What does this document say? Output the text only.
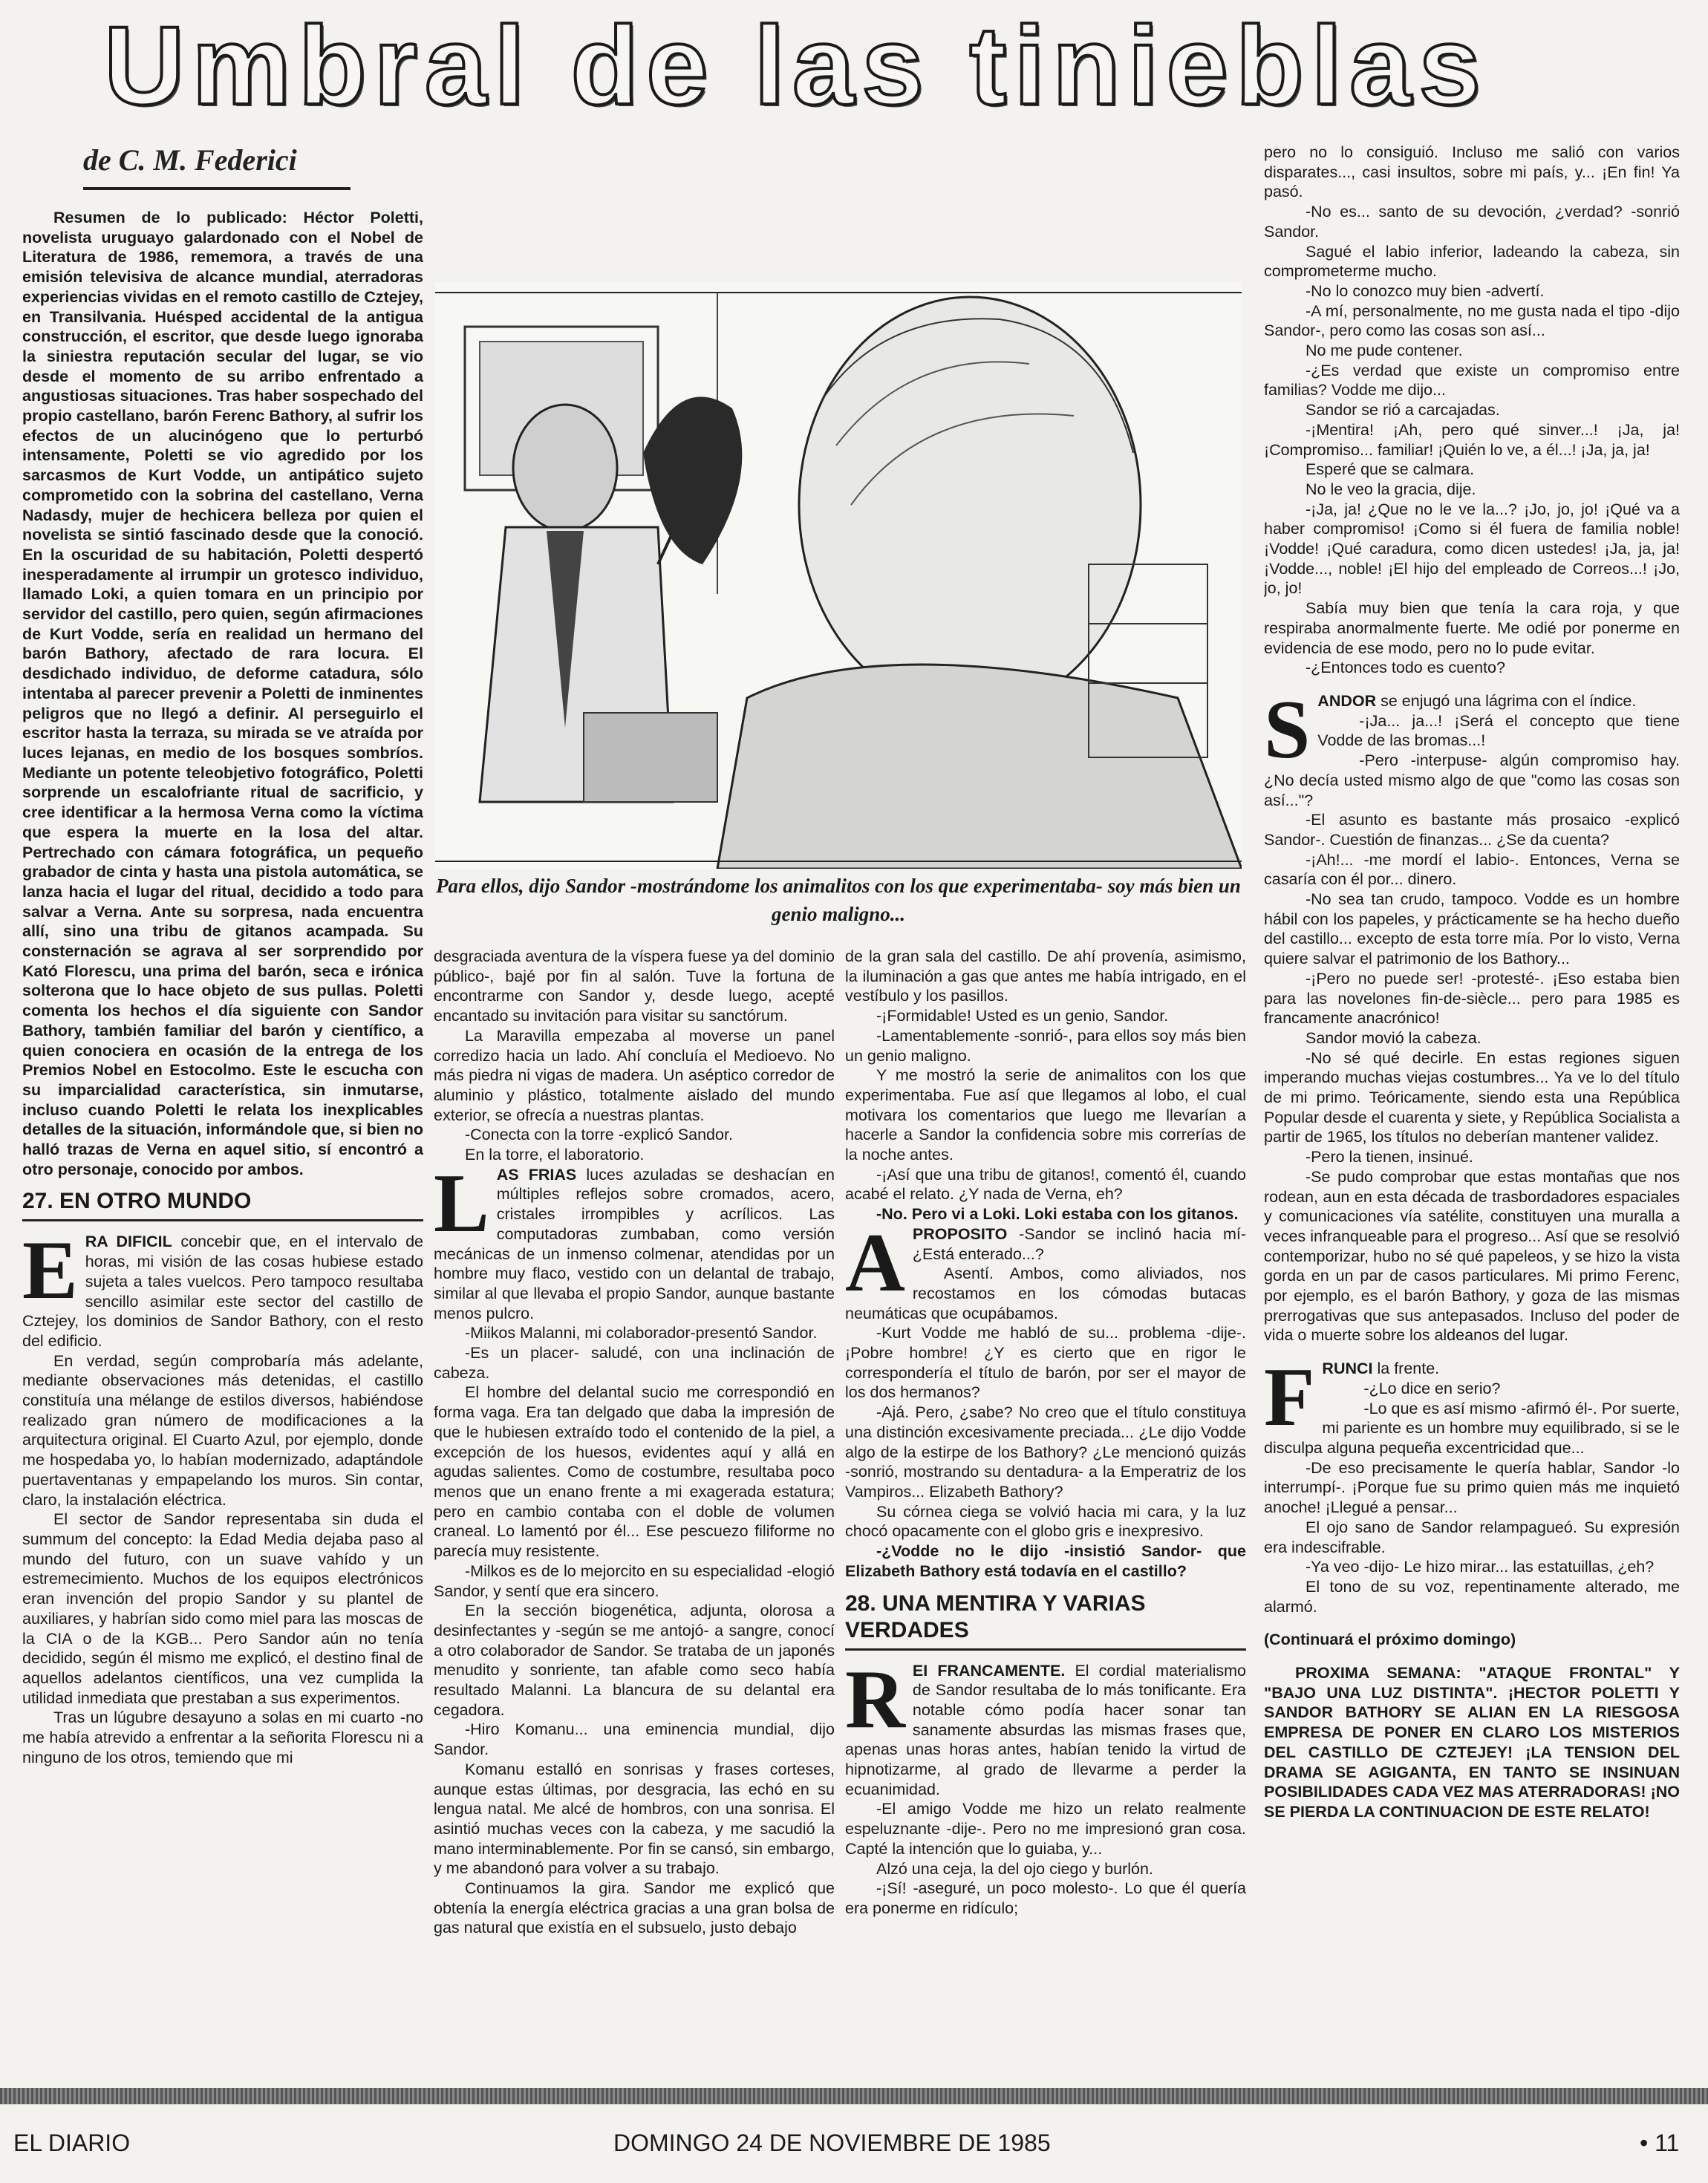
Umbral de las tinieblas
de C. M. Federici

Resumen de lo publicado: Héctor Poletti, novelista uruguayo galardonado con el Nobel de Literatura de 1986, rememora, a través de una emisión televisiva de alcance mundial, aterradoras experiencias vividas en el remoto castillo de Cztejey, en Transilvania. Huésped accidental de la antigua construcción, el escritor, que desde luego ignoraba la siniestra reputación secular del lugar, se vio desde el momento de su arribo enfrentado a angustiosas situaciones. Tras haber sospechado del propio castellano, barón Ferenc Bathory, al sufrir los efectos de un alucinógeno que lo perturbó intensamente, Poletti se vio agredido por los sarcasmos de Kurt Vodde, un antipático sujeto comprometido con la sobrina del castellano, Verna Nadasdy, mujer de hechicera belleza por quien el novelista se sintió fascinado desde que la conoció. En la oscuridad de su habitación, Poletti despertó inesperadamente al irrumpir un grotesco individuo, llamado Loki, a quien tomara en un principio por servidor del castillo, pero quien, según afirmaciones de Kurt Vodde, sería en realidad un hermano del barón Bathory, afectado de rara locura. El desdichado individuo, de deforme catadura, sólo intentaba al parecer prevenir a Poletti de inminentes peligros que no llegó a definir. Al perseguirlo el escritor hasta la terraza, su mirada se ve atraída por luces lejanas, en medio de los bosques sombríos. Mediante un potente teleobjetivo fotográfico, Poletti sorprende un escalofriante ritual de sacrificio, y cree identificar a la hermosa Verna como la víctima que espera la muerte en la losa del altar. Pertrechado con cámara fotográfica, un pequeño grabador de cinta y hasta una pistola automática, se lanza hacia el lugar del ritual, decidido a todo para salvar a Verna. Ante su sorpresa, nada encuentra allí, sino una tribu de gitanos acampada. Su consternación se agrava al ser sorprendido por Kató Florescu, una prima del barón, seca e irónica solterona que lo hace objeto de sus pullas. Poletti comenta los hechos el día siguiente con Sandor Bathory, también familiar del barón y científico, a quien conociera en ocasión de la entrega de los Premios Nobel en Estocolmo. Este le escucha con su imparcialidad característica, sin inmutarse, incluso cuando Poletti le relata los inexplicables detalles de la situación, informándole que, si bien no halló trazas de Verna en aquel sitio, sí encontró a otro personaje, conocido por ambos.

27. EN OTRO MUNDO

ERA DIFICIL concebir que, en el intervalo de horas, mi visión de las cosas hubiese estado sujeta a tales vuelcos. Pero tampoco resultaba sencillo asimilar este sector del castillo de Cztejey, los dominios de Sandor Bathory, con el resto del edificio.

En verdad, según comprobaría más adelante, mediante observaciones más detenidas, el castillo constituía una mélange de estilos diversos, habiéndose realizado gran número de modificaciones a la arquitectura original. El Cuarto Azul, por ejemplo, donde me hospedaba yo, lo habían modernizado, adaptándole puertaventanas y empapelando los muros. Sin contar, claro, la instalación eléctrica.

El sector de Sandor representaba sin duda el summum del concepto: la Edad Media dejaba paso al mundo del futuro, con un suave vahído y un estremecimiento. Muchos de los equipos electrónicos eran invención del propio Sandor y su plantel de auxiliares, y habrían sido como miel para las moscas de la CIA o de la KGB... Pero Sandor aún no tenía decidido, según él mismo me explicó, el destino final de aquellos adelantos científicos, una vez cumplida la utilidad inmediata que prestaban a sus experimentos.

Tras un lúgubre desayuno a solas en mi cuarto -no me había atrevido a enfrentar a la señorita Florescu ni a ninguno de los otros, temiendo que mi

Para ellos, dijo Sandor -mostrándome los animalitos con los que experimentaba- soy más bien un genio maligno...

desgraciada aventura de la víspera fuese ya del dominio público-, bajé por fin al salón. Tuve la fortuna de encontrarme con Sandor y, desde luego, acepté encantado su invitación para visitar su sanctórum.

La Maravilla empezaba al moverse un panel corredizo hacia un lado. Ahí concluía el Medioevo. No más piedra ni vigas de madera. Un aséptico corredor de aluminio y plástico, totalmente aislado del mundo exterior, se ofrecía a nuestras plantas.

-Conecta con la torre -explicó Sandor.

En la torre, el laboratorio.

LAS FRIAS luces azuladas se deshacían en múltiples reflejos sobre cromados, acero, cristales irrompibles y acrílicos. Las computadoras zumbaban, como versión mecánicas de un inmenso colmenar, atendidas por un hombre muy flaco, vestido con un delantal de trabajo, similar al que llevaba el propio Sandor, aunque bastante menos pulcro.

-Miikos Malanni, mi colaborador-presentó Sandor.

-Es un placer- saludé, con una inclinación de cabeza.

El hombre del delantal sucio me correspondió en forma vaga. Era tan delgado que daba la impresión de que le hubiesen extraído todo el contenido de la piel, a excepción de los huesos, evidentes aquí y allá en agudas salientes. Como de costumbre, resultaba poco menos que un enano frente a mi exagerada estatura; pero en cambio contaba con el doble de volumen craneal. Lo lamentó por él... Ese pescuezo filiforme no parecía muy resistente.

-Milkos es de lo mejorcito en su especialidad -elogió Sandor, y sentí que era sincero.

En la sección biogenética, adjunta, olorosa a desinfectantes y -según se me antojó- a sangre, conocí a otro colaborador de Sandor. Se trataba de un japonés menudito y sonriente, tan afable como seco había resultado Malanni. La blancura de su delantal era cegadora.

-Hiro Komanu... una eminencia mundial, dijo Sandor.

Komanu estalló en sonrisas y frases corteses, aunque estas últimas, por desgracia, las echó en su lengua natal. Me alcé de hombros, con una sonrisa. El asintió muchas veces con la cabeza, y me sacudió la mano interminablemente. Por fin se cansó, sin embargo, y me abandonó para volver a su trabajo.

Continuamos la gira. Sandor me explicó que obtenía la energía eléctrica gracias a una gran bolsa de gas natural que existía en el subsuelo, justo debajo

de la gran sala del castillo. De ahí provenía, asimismo, la iluminación a gas que antes me había intrigado, en el vestíbulo y los pasillos.

-¡Formidable! Usted es un genio, Sandor.

-Lamentablemente -sonrió-, para ellos soy más bien un genio maligno.

Y me mostró la serie de animalitos con los que experimentaba. Fue así que llegamos al lobo, el cual motivara los comentarios que luego me llevarían a hacerle a Sandor la confidencia sobre mis correrías de la noche antes.

-¡Así que una tribu de gitanos!, comentó él, cuando acabé el relato. ¿Y nada de Verna, eh?

-No. Pero vi a Loki. Loki estaba con los gitanos.

APROPOSITO -Sandor se inclinó hacia mí- ¿Está enterado...?

Asentí. Ambos, como aliviados, nos recostamos en los cómodas butacas neumáticas que ocupábamos.

-Kurt Vodde me habló de su... problema -dije-. ¡Pobre hombre! ¿Y es cierto que en rigor le correspondería el título de barón, por ser el mayor de los dos hermanos?

-Ajá. Pero, ¿sabe? No creo que el título constituya una distinción excesivamente preciada... ¿Le dijo Vodde algo de la estirpe de los Bathory? ¿Le mencionó quizás -sonrió, mostrando su dentadura- a la Emperatriz de los Vampiros... Elizabeth Bathory?

Su córnea ciega se volvió hacia mi cara, y la luz chocó opacamente con el globo gris e inexpresivo.

-¿Vodde no le dijo -insistió Sandor- que Elizabeth Bathory está todavía en el castillo?

28. UNA MENTIRA Y VARIAS VERDADES

REI FRANCAMENTE. El cordial materialismo de Sandor resultaba de lo más tonificante. Era notable cómo podía hacer sonar tan sanamente absurdas las mismas frases que, apenas unas horas antes, habían tenido la virtud de hipnotizarme, al grado de llevarme a perder la ecuanimidad.

-El amigo Vodde me hizo un relato realmente espeluznante -dije-. Pero no me impresionó gran cosa. Capté la intención que lo guiaba, y...

Alzó una ceja, la del ojo ciego y burlón.

-¡Sí! -aseguré, un poco molesto-. Lo que él quería era ponerme en ridículo;

pero no lo consiguió. Incluso me salió con varios disparates..., casi insultos, sobre mi país, y... ¡En fin! Ya pasó.

-No es... santo de su devoción, ¿verdad? -sonrió Sandor.

Sagué el labio inferior, ladeando la cabeza, sin comprometerme mucho.

-No lo conozco muy bien -advertí.

-A mí, personalmente, no me gusta nada el tipo -dijo Sandor-, pero como las cosas son así...

No me pude contener.

-¿Es verdad que existe un compromiso entre familias? Vodde me dijo...

Sandor se rió a carcajadas.

-¡Mentira! ¡Ah, pero qué sinver...! ¡Ja, ja! ¡Compromiso... familiar! ¡Quién lo ve, a él...! ¡Ja, ja, ja!

Esperé que se calmara.

No le veo la gracia, dije.

-¡Ja, ja! ¿Que no le ve la...? ¡Jo, jo, jo! ¡Qué va a haber compromiso! ¡Como si él fuera de familia noble! ¡Vodde! ¡Qué caradura, como dicen ustedes! ¡Ja, ja, ja! ¡Vodde..., noble! ¡El hijo del empleado de Correos...! ¡Jo, jo, jo!

Sabía muy bien que tenía la cara roja, y que respiraba anormalmente fuerte. Me odié por ponerme en evidencia de ese modo, pero no lo pude evitar.

-¿Entonces todo es cuento?

SANDOR se enjugó una lágrima con el índice.

-¡Ja... ja...! ¡Será el concepto que tiene Vodde de las bromas...!

-Pero -interpuse- algún compromiso hay. ¿No decía usted mismo algo de que "como las cosas son así..."?

-El asunto es bastante más prosaico -explicó Sandor-. Cuestión de finanzas... ¿Se da cuenta?

-¡Ah!... -me mordí el labio-. Entonces, Verna se casaría con él por... dinero.

-No sea tan crudo, tampoco. Vodde es un hombre hábil con los papeles, y prácticamente se ha hecho dueño del castillo... excepto de esta torre mía. Por lo visto, Verna quiere salvar el patrimonio de los Bathory...

-¡Pero no puede ser! -protesté-. ¡Eso estaba bien para las novelones fin-de-siècle... pero para 1985 es francamente anacrónico!

Sandor movió la cabeza.

-No sé qué decirle. En estas regiones siguen imperando muchas viejas costumbres... Ya ve lo del título de mi primo. Teóricamente, siendo esta una República Popular desde el cuarenta y siete, y República Socialista a partir de 1965, los títulos no deberían mantener validez.

-Pero la tienen, insinué.

-Se pudo comprobar que estas montañas que nos rodean, aun en esta década de trasbordadores espaciales y comunicaciones vía satélite, constituyen una muralla a veces infranqueable para el progreso... Así que se resolvió contemporizar, hubo no sé qué papeleos, y se hizo la vista gorda en un par de casos particulares. Mi primo Ferenc, por ejemplo, es el barón Bathory, y goza de las mismas prerrogativas que sus antepasados. Incluso del poder de vida o muerte sobre los aldeanos del lugar.

FRUNCI la frente.

-¿Lo dice en serio?

-Lo que es así mismo -afirmó él-. Por suerte, mi pariente es un hombre muy equilibrado, si se le disculpa alguna pequeña excentricidad que...

-De eso precisamente le quería hablar, Sandor -lo interrumpí-. ¡Porque fue su primo quien más me inquietó anoche! ¡Llegué a pensar...

El ojo sano de Sandor relampagueó. Su expresión era indescifrable.

-Ya veo -dijo- Le hizo mirar... las estatuillas, ¿eh?

El tono de su voz, repentinamente alterado, me alarmó.

(Continuará el próximo domingo)

PROXIMA SEMANA: "ATAQUE FRONTAL" Y "BAJO UNA LUZ DISTINTA". ¡HECTOR POLETTI Y SANDOR BATHORY SE ALIAN EN LA RIESGOSA EMPRESA DE PONER EN CLARO LOS MISTERIOS DEL CASTILLO DE CZTEJEY! ¡LA TENSION DEL DRAMA SE AGIGANTA, EN TANTO SE INSINUAN POSIBILIDADES CADA VEZ MAS ATERRADORAS! ¡NO SE PIERDA LA CONTINUACION DE ESTE RELATO!

EL DIARIO	DOMINGO 24 DE NOVIEMBRE DE 1985	• 11
